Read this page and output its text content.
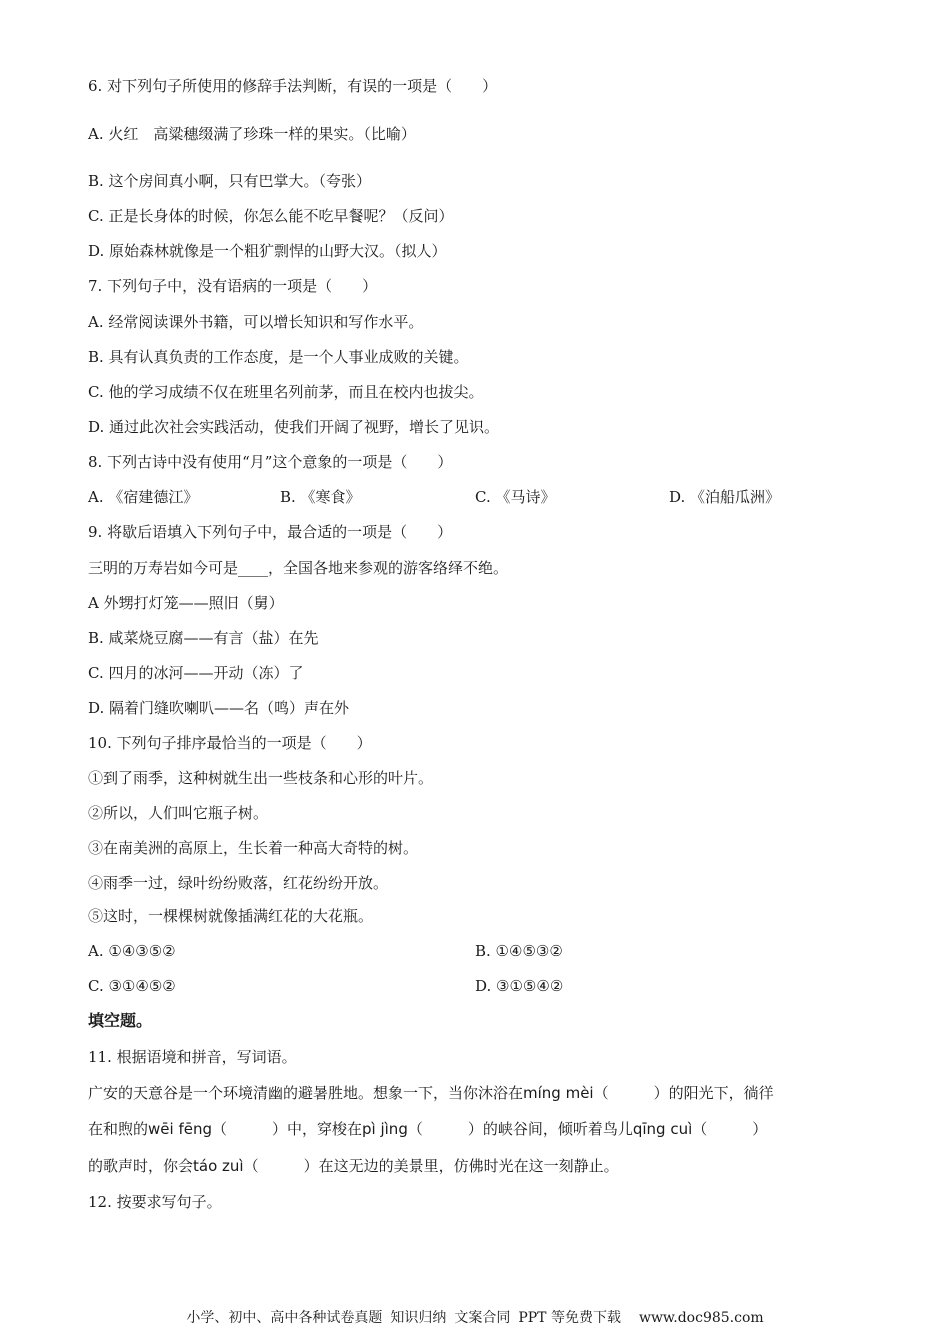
6. 对下列句子所使用的修辞手法判断，有误的一项是（　　）
A. 火红　高粱穗缀满了珍珠一样的果实。（比喻）
B. 这个房间真小啊，只有巴掌大。（夸张）
C. 正是长身体的时候，你怎么能不吃早餐呢？（反问）
D. 原始森林就像是一个粗犷剽悍的山野大汉。（拟人）
7. 下列句子中，没有语病的一项是（　　）
A. 经常阅读课外书籍，可以增长知识和写作水平。
B. 具有认真负责的工作态度，是一个人事业成败的关键。
C. 他的学习成绩不仅在班里名列前茅，而且在校内也拔尖。
D. 通过此次社会实践活动，使我们开阔了视野，增长了见识。
8. 下列古诗中没有使用“月”这个意象的一项是（　　）
A. 《宿建德江》	B. 《寒食》	C. 《马诗》	D. 《泊船瓜洲》
9. 将歇后语填入下列句子中，最合适的一项是（　　）
三明的万寿岩如今可是____，全国各地来参观的游客络绎不绝。
A 外甥打灯笼——照旧（舅）
B. 咸菜烧豆腐——有言（盐）在先
C. 四月的冰河——开动（冻）了
D. 隔着门缝吹喇叭——名（鸣）声在外
10. 下列句子排序最恰当的一项是（　　）
①到了雨季，这种树就生出一些枝条和心形的叶片。
②所以，人们叫它瓶子树。
③在南美洲的高原上，生长着一种高大奇特的树。
④雨季一过，绿叶纷纷败落，红花纷纷开放。
⑤这时，一棵棵树就像插满红花的大花瓶。
A. ①④③⑤②	B. ①④⑤③②
C. ③①④⑤②	D. ③①⑤④②
填空题。
11. 根据语境和拼音，写词语。
广安的天意谷是一个环境清幽的避暑胜地。想象一下，当你沐浴在míng mèi（　　　）的阳光下，徜徉
在和煦的wēi fēng（　　　）中，穿梭在pì jìng（　　　）的峡谷间，倾听着鸟儿qīng cuì（　　　）
的歌声时，你会táo zuì（　　　）在这无边的美景里，仿佛时光在这一刻静止。
12. 按要求写句子。
小学、初中、高中各种试卷真题 知识归纳 文案合同 PPT 等免费下载 www.doc985.com
